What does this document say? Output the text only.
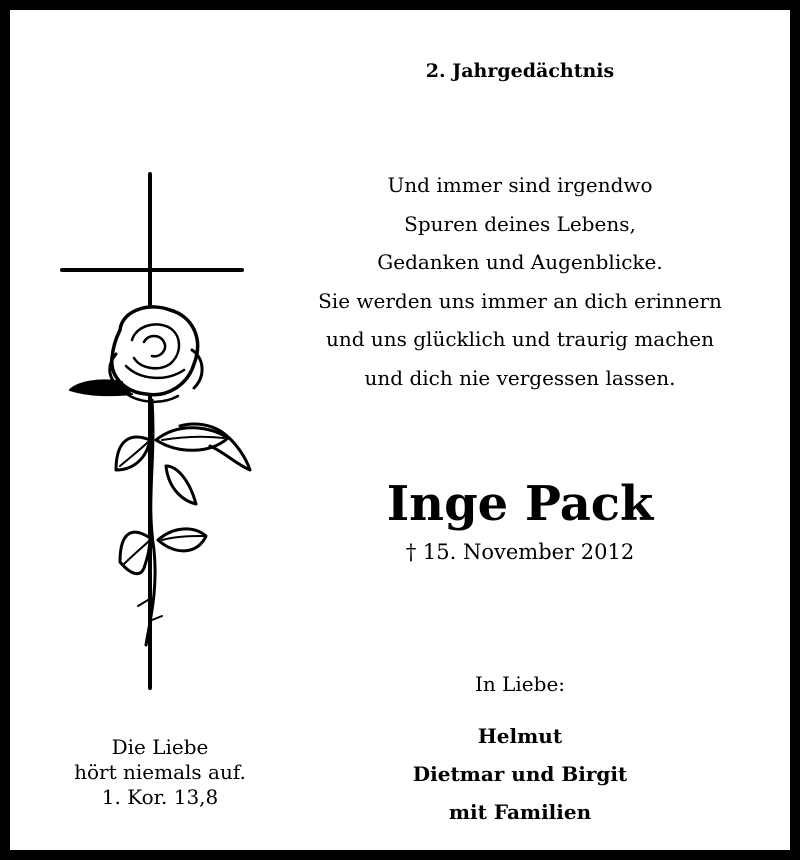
2. Jahrgedächtnis
Und immer sind irgendwo
Spuren deines Lebens,
Gedanken und Augenblicke.
Sie werden uns immer an dich erinnern
und uns glücklich und traurig machen
und dich nie vergessen lassen.
Inge Pack
† 15. November 2012
In Liebe:
Helmut
Dietmar und Birgit
mit Familien
Die Liebe
hört niemals auf.
1. Kor. 13,8
